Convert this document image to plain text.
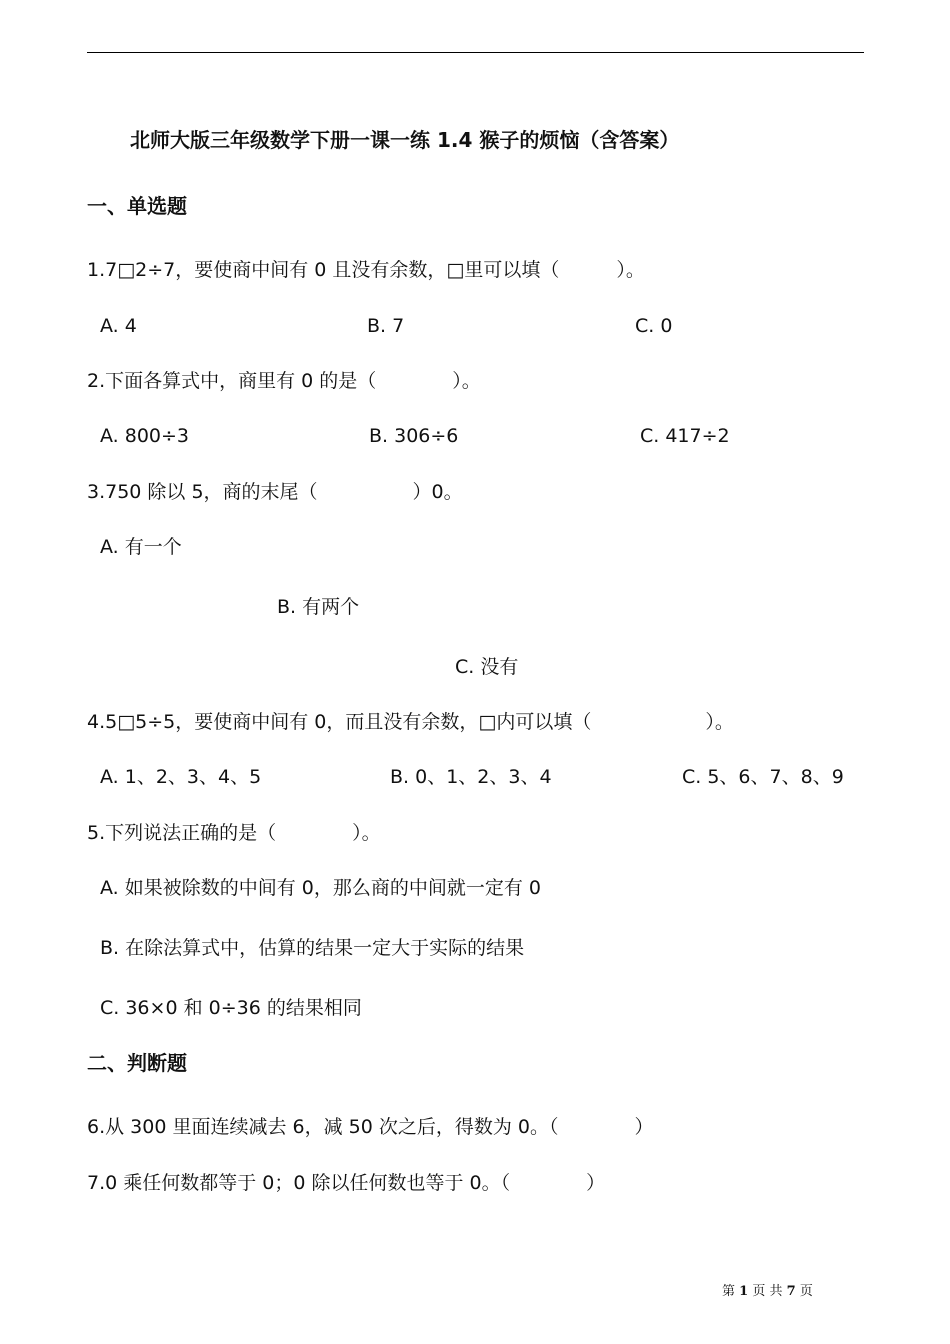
北师大版三年级数学下册一课一练 1.4 猴子的烦恼（含答案）
一、单选题
1.7□2÷7，要使商中间有 0 且没有余数，□里可以填（　　　）。
A. 4	B. 7	C. 0
2.下面各算式中，商里有 0 的是（　　　　）。
A. 800÷3	B. 306÷6	C. 417÷2
3.750 除以 5，商的末尾（　　　　　）0。
A. 有一个
B. 有两个
C. 没有
4.5□5÷5，要使商中间有 0，而且没有余数，□内可以填（　　　　　　）。
A. 1、2、3、4、5	B. 0、1、2、3、4	C. 5、6、7、8、9
5.下列说法正确的是（　　　　）。
A. 如果被除数的中间有 0，那么商的中间就一定有 0
B. 在除法算式中，估算的结果一定大于实际的结果
C. 36×0 和 0÷36 的结果相同
二、判断题
6.从 300 里面连续减去 6，减 50 次之后，得数为 0。（　　　　）
7.0 乘任何数都等于 0；0 除以任何数也等于 0。（　　　　）
第 1 页 共 7 页
